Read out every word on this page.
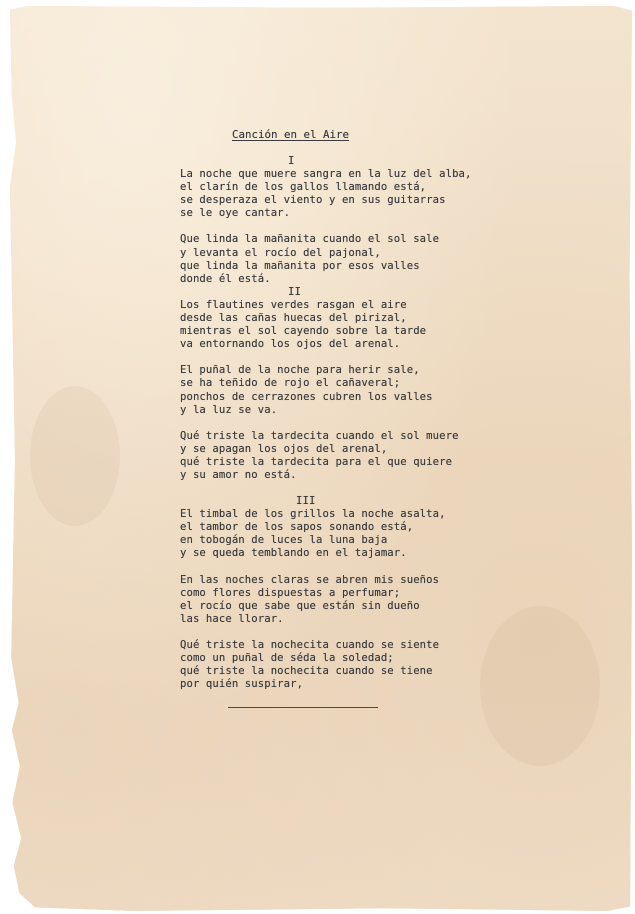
Canción en el Aire
I
La noche que muere sangra en la luz del alba,
el clarín de los gallos llamando está,
se desperaza el viento y en sus guitarras
se le oye cantar.
Que linda la mañanita cuando el sol sale
y levanta el rocío del pajonal,
que linda la mañanita por esos valles
donde él está.
II
Los flautines verdes rasgan el aire
desde las cañas huecas del pirizal,
mientras el sol cayendo sobre la tarde
va entornando los ojos del arenal.
El puñal de la noche para herir sale,
se ha teñido de rojo el cañaveral;
ponchos de cerrazones cubren los valles
y la luz se va.
Qué triste la tardecita cuando el sol muere
y se apagan los ojos del arenal,
qué triste la tardecita para el que quiere
y su amor no está.
III
El timbal de los grillos la noche asalta,
el tambor de los sapos sonando está,
en tobogán de luces la luna baja
y se queda temblando en el tajamar.
En las noches claras se abren mis sueños
como flores dispuestas a perfumar;
el rocío que sabe que están sin dueño
las hace llorar.
Qué triste la nochecita cuando se siente
como un puñal de séda la soledad;
qué triste la nochecita cuando se tiene
por quién suspirar,
